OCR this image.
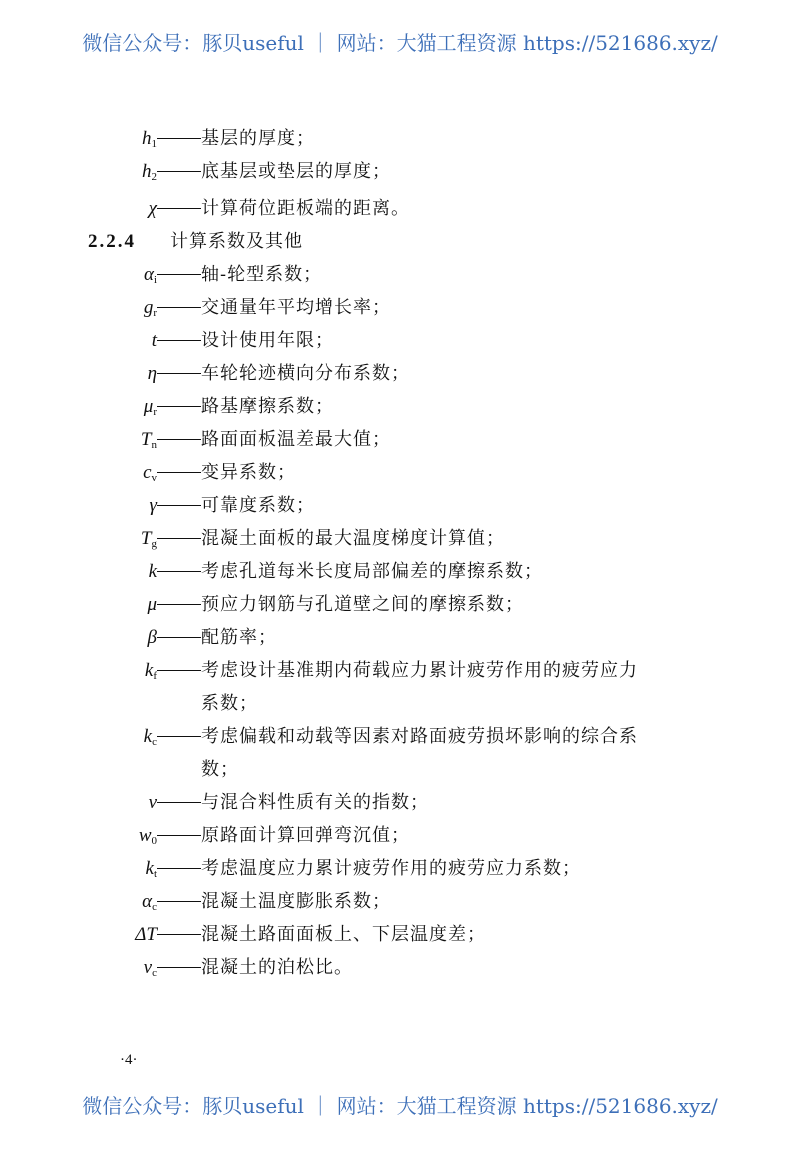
微信公众号：豚贝useful ｜ 网站：大猫工程资源 https://521686.xyz/
$h_1$ 基层的厚度；
$h_2$ 底基层或垫层的厚度；
χ 计算荷位距板端的距离。
2.2.4 计算系数及其他
$\alpha_i$ 轴-轮型系数；
$g_r$ 交通量年平均增长率；
t 设计使用年限；
η 车轮轮迹横向分布系数；
$\mu_r$ 路基摩擦系数；
$T_n$ 路面面板温差最大值；
$c_v$ 变异系数；
γ 可靠度系数；
$T_g$ 混凝土面板的最大温度梯度计算值；
k 考虑孔道每米长度局部偏差的摩擦系数；
μ 预应力钢筋与孔道壁之间的摩擦系数；
β 配筋率；
$k_f$ 考虑设计基准期内荷载应力累计疲劳作用的疲劳应力
系数；
$k_c$ 考虑偏载和动载等因素对路面疲劳损坏影响的综合系
数；
ν 与混合料性质有关的指数；
$w_0$ 原路面计算回弹弯沉值；
$k_t$ 考虑温度应力累计疲劳作用的疲劳应力系数；
$\alpha_c$ 混凝土温度膨胀系数；
ΔT 混凝土路面面板上、下层温度差；
$\nu_c$ 混凝土的泊松比。
·4·
微信公众号：豚贝useful ｜ 网站：大猫工程资源 https://521686.xyz/
